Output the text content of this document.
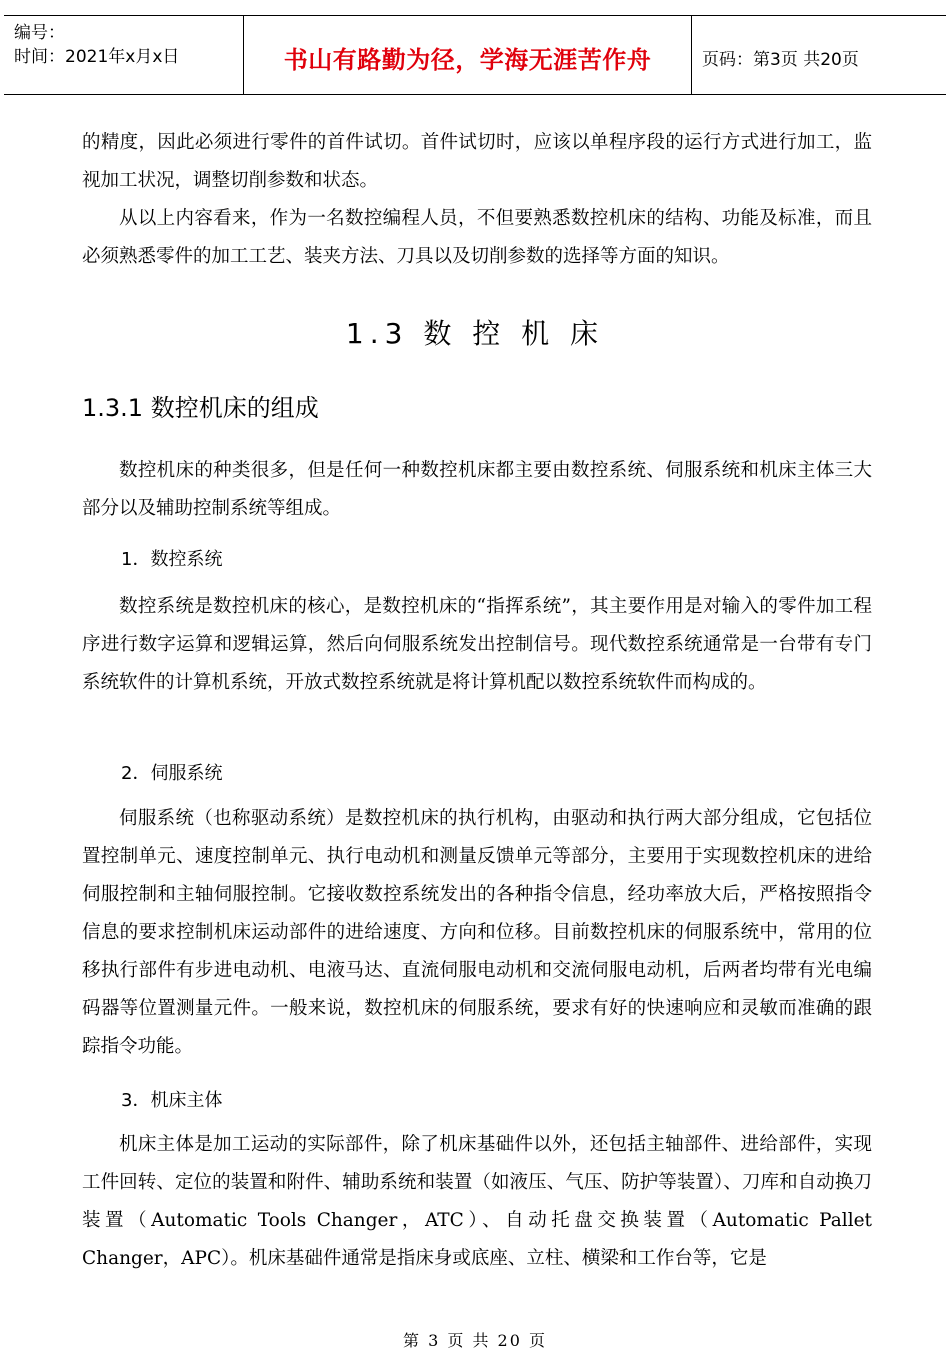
编号：
时间：2021年x月x日	书山有路勤为径，学海无涯苦作舟	页码：第3页 共20页

的精度，因此必须进行零件的首件试切。首件试切时，应该以单程序段的运行方式进行加工，监视加工状况，调整切削参数和状态。

从以上内容看来，作为一名数控编程人员，不但要熟悉数控机床的结构、功能及标准，而且必须熟悉零件的加工工艺、装夹方法、刀具以及切削参数的选择等方面的知识。

1.3 数 控 机 床
1.3.1 数控机床的组成
数控机床的种类很多，但是任何一种数控机床都主要由数控系统、伺服系统和机床主体三大部分以及辅助控制系统等组成。
1．数控系统
数控系统是数控机床的核心，是数控机床的“指挥系统”，其主要作用是对输入的零件加工程序进行数字运算和逻辑运算，然后向伺服系统发出控制信号。现代数控系统通常是一台带有专门系统软件的计算机系统，开放式数控系统就是将计算机配以数控系统软件而构成的。
2．伺服系统
伺服系统（也称驱动系统）是数控机床的执行机构，由驱动和执行两大部分组成，它包括位置控制单元、速度控制单元、执行电动机和测量反馈单元等部分，主要用于实现数控机床的进给伺服控制和主轴伺服控制。它接收数控系统发出的各种指令信息，经功率放大后，严格按照指令信息的要求控制机床运动部件的进给速度、方向和位移。目前数控机床的伺服系统中，常用的位移执行部件有步进电动机、电液马达、直流伺服电动机和交流伺服电动机，后两者均带有光电编码器等位置测量元件。一般来说，数控机床的伺服系统，要求有好的快速响应和灵敏而准确的跟踪指令功能。
3．机床主体
机床主体是加工运动的实际部件，除了机床基础件以外，还包括主轴部件、进给部件，实现工件回转、定位的装置和附件、辅助系统和装置（如液压、气压、防护等装置）、刀库和自动换刀装置（Automatic Tools Changer，ATC）、自动托盘交换装置（Automatic Pallet Changer，APC）。机床基础件通常是指床身或底座、立柱、横梁和工作台等，它是
第 3 页 共 20 页
